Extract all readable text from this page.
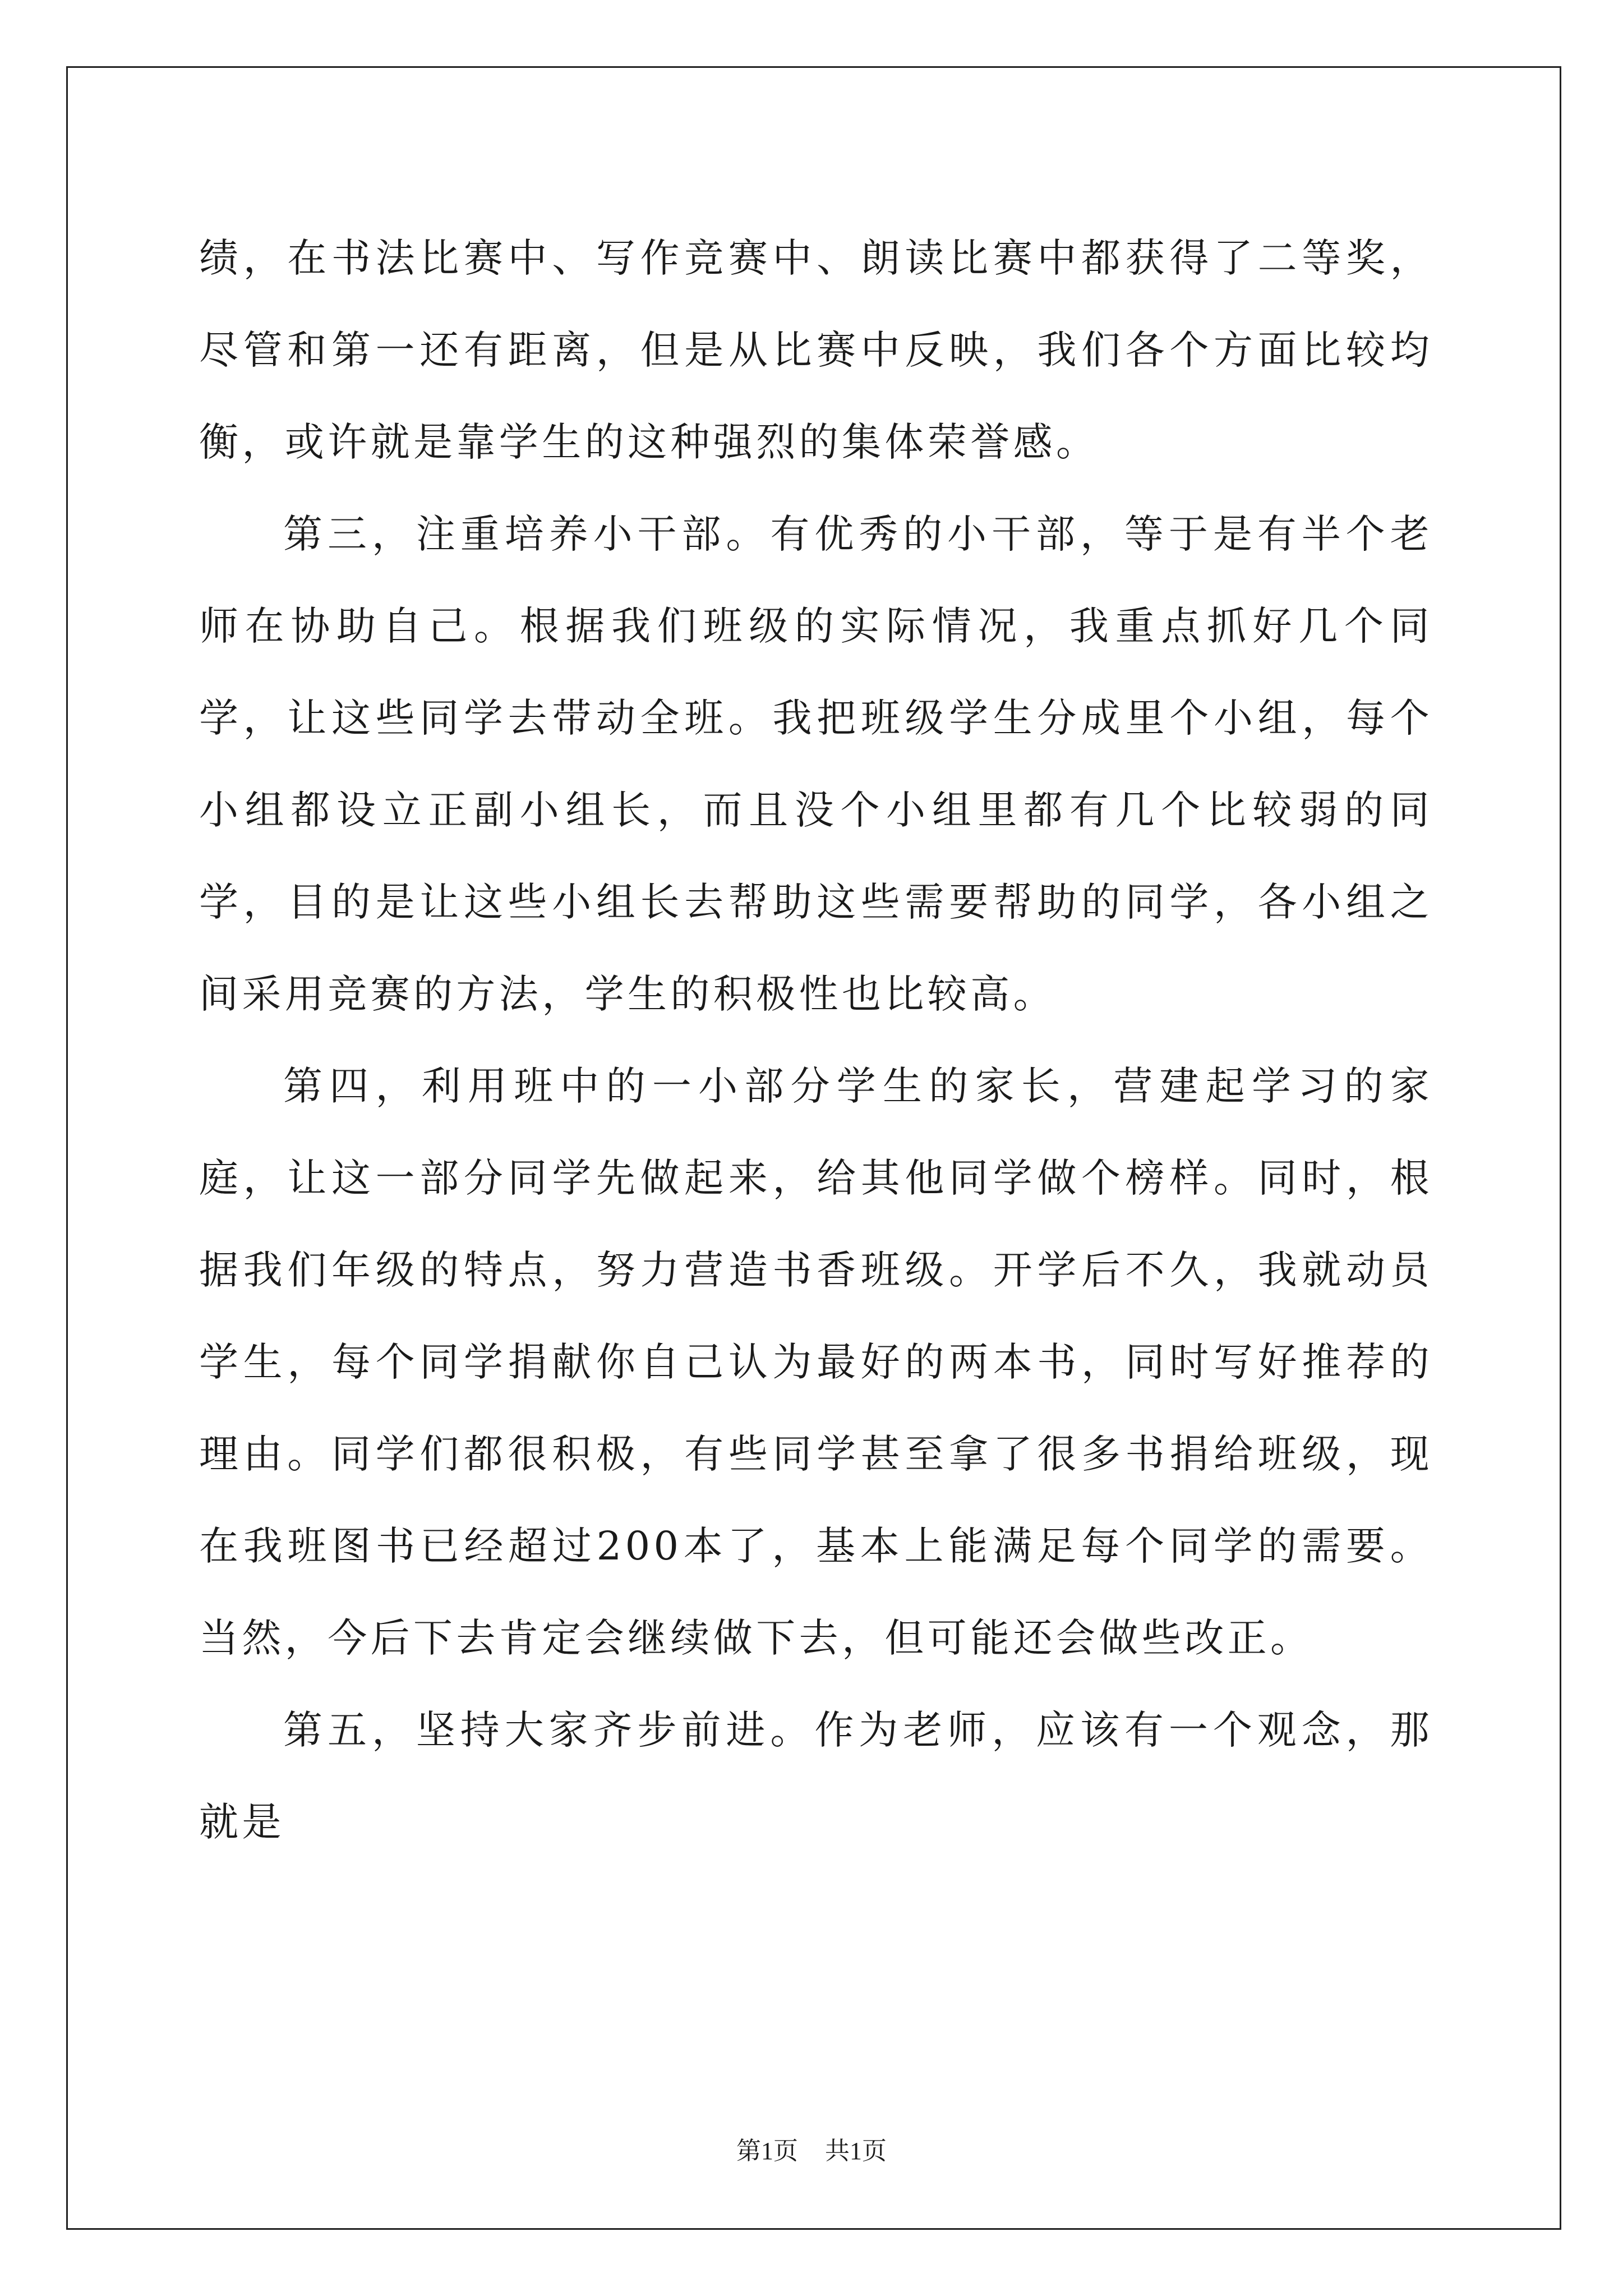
绩，在书法比赛中、写作竞赛中、朗读比赛中都获得了二等奖，尽管和第一还有距离，但是从比赛中反映，我们各个方面比较均衡，或许就是靠学生的这种强烈的集体荣誉感。

第三，注重培养小干部。有优秀的小干部，等于是有半个老师在协助自己。根据我们班级的实际情况，我重点抓好几个同学，让这些同学去带动全班。我把班级学生分成里个小组，每个小组都设立正副小组长，而且没个小组里都有几个比较弱的同学，目的是让这些小组长去帮助这些需要帮助的同学，各小组之间采用竞赛的方法，学生的积极性也比较高。

第四，利用班中的一小部分学生的家长，营建起学习的家庭，让这一部分同学先做起来，给其他同学做个榜样。同时，根据我们年级的特点，努力营造书香班级。开学后不久，我就动员学生，每个同学捐献你自己认为最好的两本书，同时写好推荐的理由。同学们都很积极，有些同学甚至拿了很多书捐给班级，现在我班图书已经超过200本了，基本上能满足每个同学的需要。当然，今后下去肯定会继续做下去，但可能还会做些改正。

第五，坚持大家齐步前进。作为老师，应该有一个观念，那就是

第1页 共1页
